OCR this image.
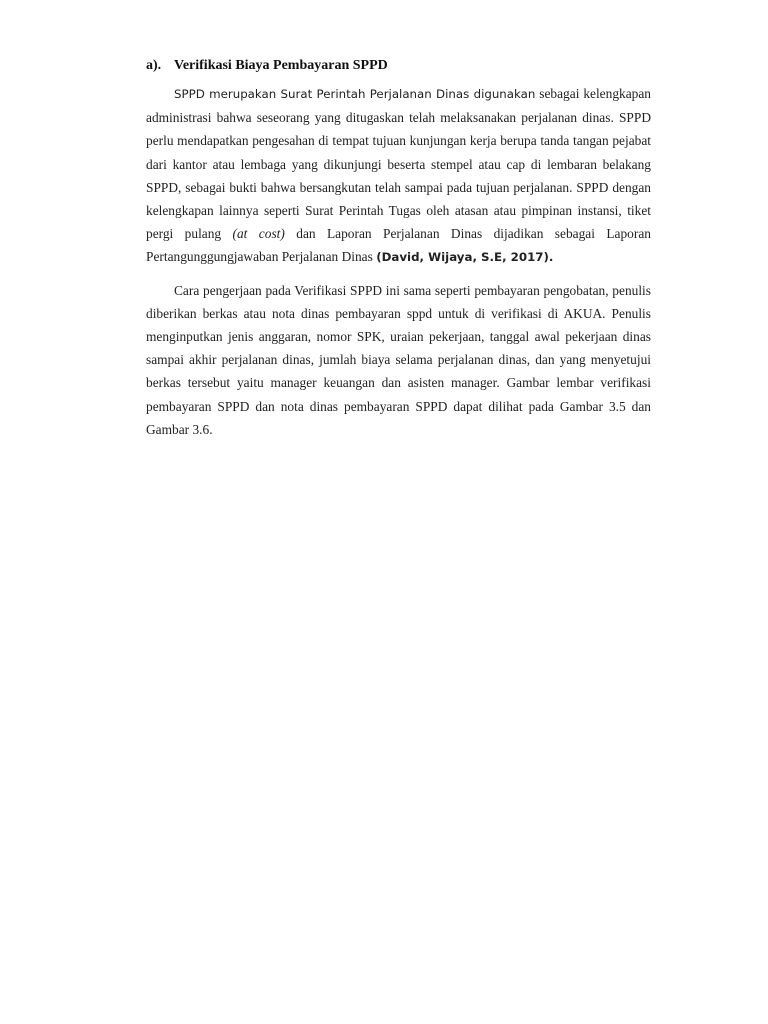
a). Verifikasi Biaya Pembayaran SPPD

SPPD merupakan Surat Perintah Perjalanan Dinas digunakan sebagai kelengkapan administrasi bahwa seseorang yang ditugaskan telah melaksanakan perjalanan dinas. SPPD perlu mendapatkan pengesahan di tempat tujuan kunjungan kerja berupa tanda tangan pejabat dari kantor atau lembaga yang dikunjungi beserta stempel atau cap di lembaran belakang SPPD, sebagai bukti bahwa bersangkutan telah sampai pada tujuan perjalanan. SPPD dengan kelengkapan lainnya seperti Surat Perintah Tugas oleh atasan atau pimpinan instansi, tiket pergi pulang (at cost) dan Laporan Perjalanan Dinas dijadikan sebagai Laporan Pertangunggungjawaban Perjalanan Dinas (David, Wijaya, S.E, 2017).

Cara pengerjaan pada Verifikasi SPPD ini sama seperti pembayaran pengobatan, penulis diberikan berkas atau nota dinas pembayaran sppd untuk di verifikasi di AKUA. Penulis menginputkan jenis anggaran, nomor SPK, uraian pekerjaan, tanggal awal pekerjaan dinas sampai akhir perjalanan dinas, jumlah biaya selama perjalanan dinas, dan yang menyetujui berkas tersebut yaitu manager keuangan dan asisten manager. Gambar lembar verifikasi pembayaran SPPD dan nota dinas pembayaran SPPD dapat dilihat pada Gambar 3.5 dan Gambar 3.6.
